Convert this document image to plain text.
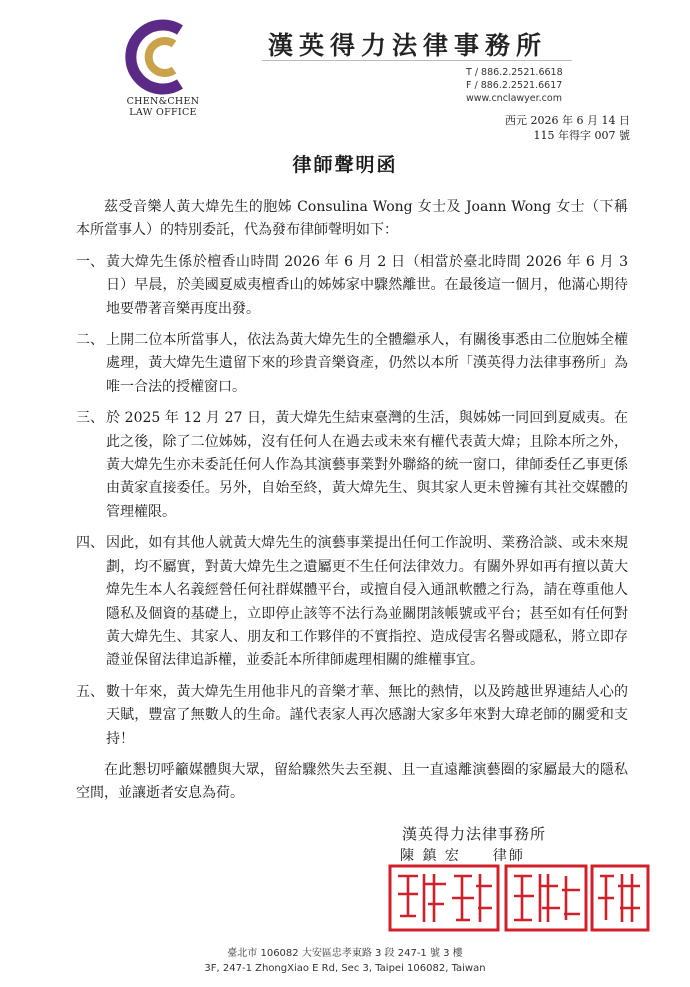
CHEN&CHEN
LAW OFFICE
漢英得力法律事務所
T / 886.2.2521.6618
F / 886.2.2521.6617
www.cnclawyer.com
西元 2026 年 6 月 14 日
115 年得字 007 號
律師聲明函

茲受音樂人黃大煒先生的胞姊 Consulina Wong 女士及 Joann Wong 女士（下稱本所當事人）的特別委託，代為發布律師聲明如下：

一、 黃大煒先生係於檀香山時間 2026 年 6 月 2 日（相當於臺北時間 2026 年 6 月 3 日）早晨，於美國夏威夷檀香山的姊姊家中驟然離世。在最後這一個月，他滿心期待地要帶著音樂再度出發。
二、 上開二位本所當事人，依法為黃大煒先生的全體繼承人，有關後事悉由二位胞姊全權處理，黃大煒先生遺留下來的珍貴音樂資產，仍然以本所「漢英得力法律事務所」為唯一合法的授權窗口。
三、 於 2025 年 12 月 27 日，黃大煒先生結束臺灣的生活，與姊姊一同回到夏威夷。在此之後，除了二位姊姊，沒有任何人在過去或未來有權代表黃大煒；且除本所之外，黃大煒先生亦未委託任何人作為其演藝事業對外聯絡的統一窗口，律師委任乙事更係由黃家直接委任。另外，自始至終，黃大煒先生、與其家人更未曾擁有其社交媒體的管理權限。
四、 因此，如有其他人就黃大煒先生的演藝事業提出任何工作說明、業務洽談、或未來規劃，均不屬實，對黃大煒先生之遺屬更不生任何法律效力。有關外界如再有擅以黃大煒先生本人名義經營任何社群媒體平台，或擅自侵入通訊軟體之行為，請在尊重他人隱私及個資的基礎上，立即停止該等不法行為並關閉該帳號或平台；甚至如有任何對黃大煒先生、其家人、朋友和工作夥伴的不實指控、造成侵害名譽或隱私，將立即存證並保留法律追訴權，並委託本所律師處理相關的維權事宜。
五、 數十年來，黃大煒先生用他非凡的音樂才華、無比的熱情，以及跨越世界連結人心的天賦，豐富了無數人的生命。謹代表家人再次感謝大家多年來對大瑋老師的關愛和支持！

在此懇切呼籲媒體與大眾，留給驟然失去至親、且一直遠離演藝圈的家屬最大的隱私空間，並讓逝者安息為荷。

漢英得力法律事務所
陳 鎮 宏　　律師
臺北市 106082 大安區忠孝東路 3 段 247-1 號 3 樓
3F, 247-1 ZhongXiao E Rd, Sec 3, Taipei 106082, Taiwan
